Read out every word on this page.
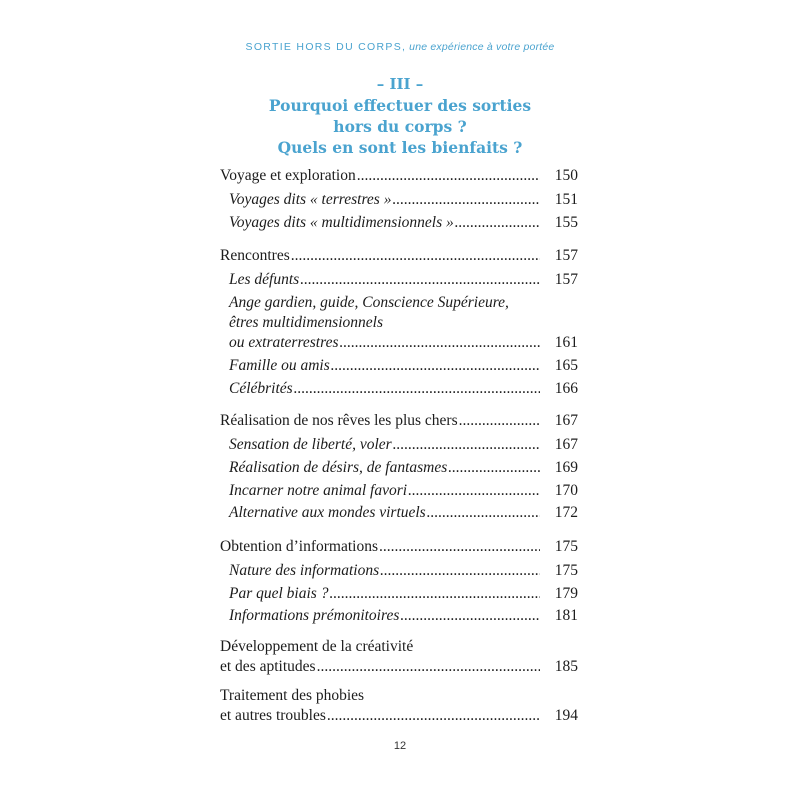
SORTIE HORS DU CORPS, une expérience à votre portée
– III –
Pourquoi effectuer des sorties
hors du corps ?
Quels en sont les bienfaits ?
Voyage et exploration .....	150
Voyages dits « terrestres » .....	151
Voyages dits « multidimensionnels » .....	155
Rencontres .....	157
Les défunts .....	157
Ange gardien, guide, Conscience Supérieure,
êtres multidimensionnels
ou extraterrestres .....	161
Famille ou amis .....	165
Célébrités .....	166
Réalisation de nos rêves les plus chers .....	167
Sensation de liberté, voler .....	167
Réalisation de désirs, de fantasmes .....	169
Incarner notre animal favori .....	170
Alternative aux mondes virtuels .....	172
Obtention d’informations .....	175
Nature des informations .....	175
Par quel biais ? .....	179
Informations prémonitoires .....	181
Développement de la créativité
et des aptitudes .....	185
Traitement des phobies
et autres troubles .....	194
12
